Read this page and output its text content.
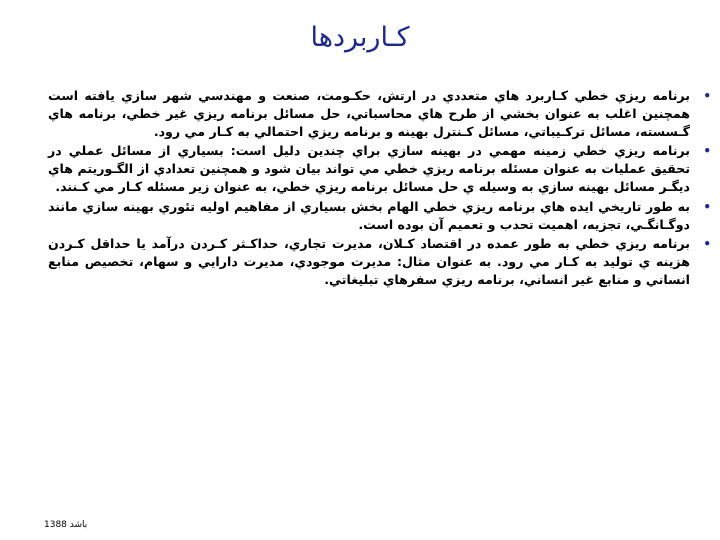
کـاربردها
•
برنامه ريزي خطي كـاربرد هاي متعددي در ارتش، حكـومت، صنعت و مهندسي شهر سازي يافته است همچنين اغلب به عنوان بخشي از طرح هاي محاسباتي، حل مسائل برنامه ريزي غير خطي، برنامه هاي گـسسته، مسائل تركـيباتي، مسائل كـنترل بهينه و برنامه ريزي احتمالي به كـار مي رود.
•
برنامه ريزي خطي زمينه مهمي در بهينه سازي براي چندين دليل است: بسياري از مسائل عملي در تحقيق عمليات به عنوان مسئله برنامه ريزي خطي مي تواند بيان شود و همچنين تعدادي از الگـوريتم هاي ديگـر مسائل بهينه سازي به وسيله ي حل مسائل برنامه ريزي خطي، به عنوان زير مسئله كـار مي كـنند.
•
به طور تاريخي ايده هاي برنامه ريزي خطي الهام بخش بسياري از مفاهيم اوليه تئوري بهينه سازي مانند دوگـانگـي، تجزيه، اهميت تحدب و تعميم آن بوده است.
•
برنامه ريزي خطي به طور عمده در اقتصاد كـلان، مديرت تجاري، حداكـثر كـردن درآمد يا حداقل كـردن هزينه ي توليد به كـار مي رود. به عنوان مثال: مديرت موجودي، مديرت دارايي و سهام، تخصيص منابع انساني و منابع غير انساني، برنامه ريزي سفرهاي تبليغاتي.
باشد 1388
